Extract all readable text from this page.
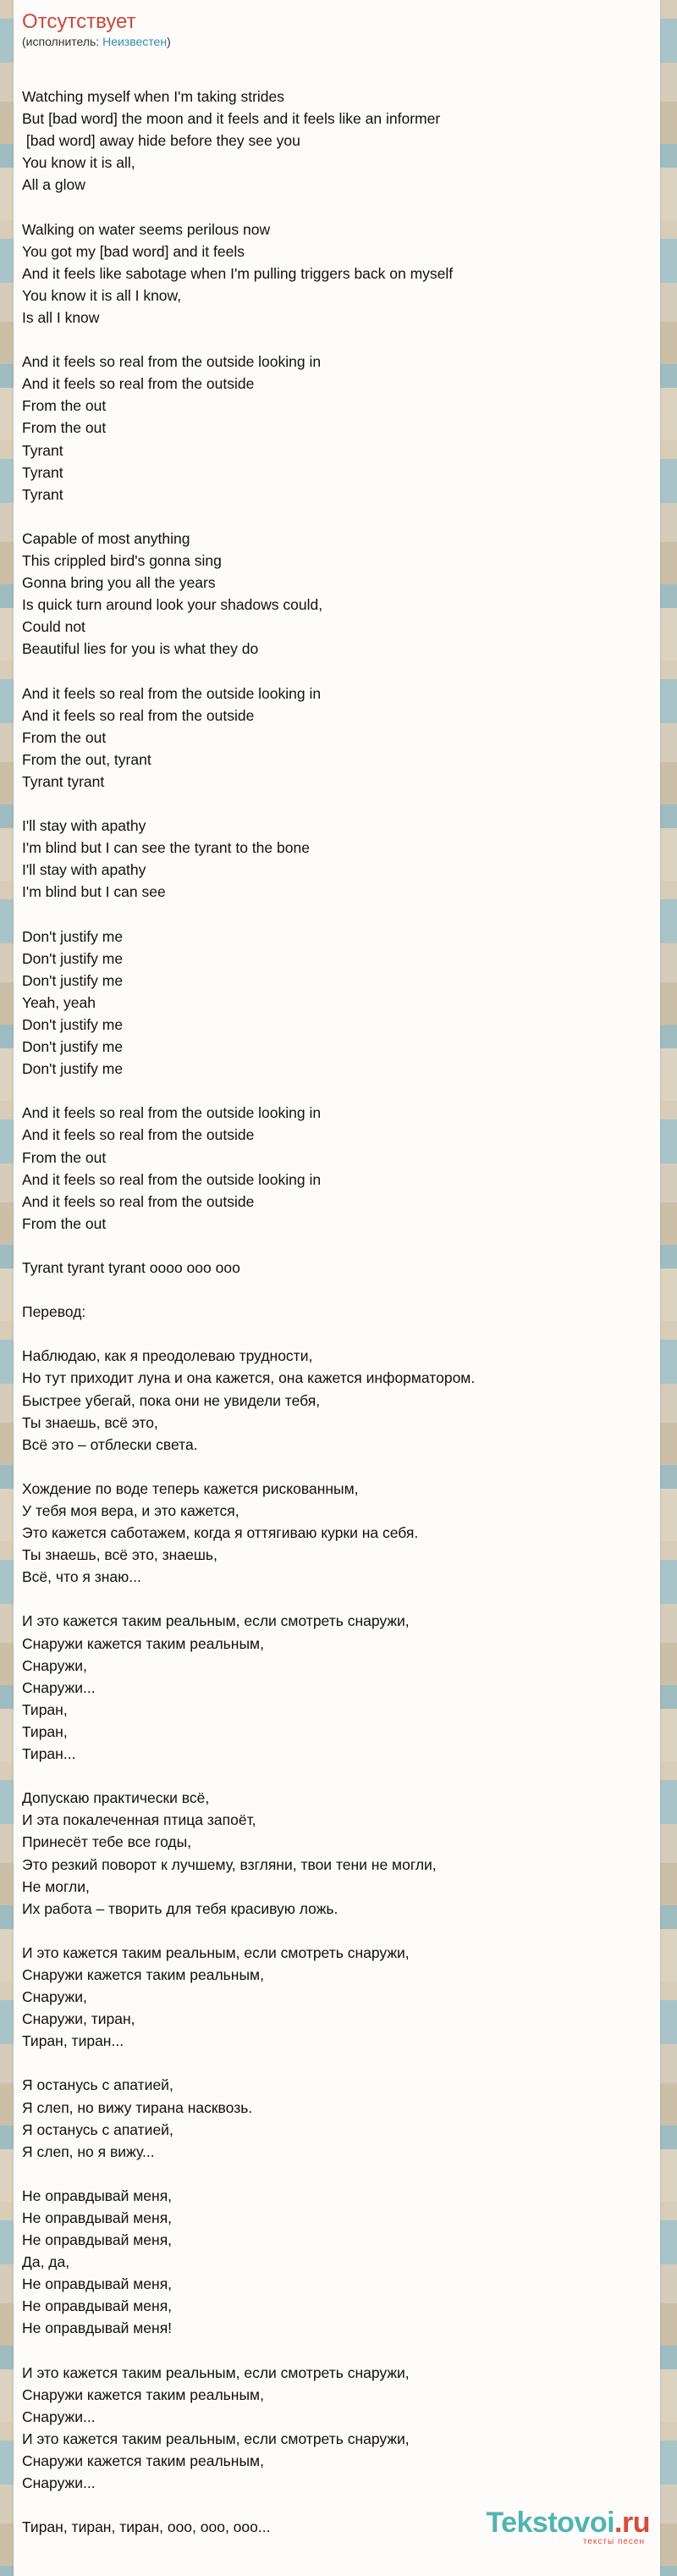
Отсутствует
(исполнитель: Неизвестен)
Watching myself when I'm taking strides
But [bad word] the moon and it feels and it feels like an informer
[bad word] away hide before they see you
You know it is all,
All a glow
Walking on water seems perilous now
You got my [bad word] and it feels
And it feels like sabotage when I'm pulling triggers back on myself
You know it is all I know,
Is all I know
And it feels so real from the outside looking in
And it feels so real from the outside
From the out
From the out
Tyrant
Tyrant
Tyrant
Capable of most anything
This crippled bird's gonna sing
Gonna bring you all the years
Is quick turn around look your shadows could,
Could not
Beautiful lies for you is what they do
And it feels so real from the outside looking in
And it feels so real from the outside
From the out
From the out, tyrant
Tyrant tyrant
I'll stay with apathy
I'm blind but I can see the tyrant to the bone
I'll stay with apathy
I'm blind but I can see
Don't justify me
Don't justify me
Don't justify me
Yeah, yeah
Don't justify me
Don't justify me
Don't justify me
And it feels so real from the outside looking in
And it feels so real from the outside
From the out
And it feels so real from the outside looking in
And it feels so real from the outside
From the out
Tyrant tyrant tyrant oooo ooo ooo
Перевод:
Наблюдаю, как я преодолеваю трудности,
Но тут приходит луна и она кажется, она кажется информатором.
Быстрее убегай, пока они не увидели тебя,
Ты знаешь, всё это,
Всё это – отблески света.
Хождение по воде теперь кажется рискованным,
У тебя моя вера, и это кажется,
Это кажется саботажем, когда я оттягиваю курки на себя.
Ты знаешь, всё это, знаешь,
Всё, что я знаю...
И это кажется таким реальным, если смотреть снаружи,
Снаружи кажется таким реальным,
Снаружи,
Снаружи...
Тиран,
Тиран,
Тиран...
Допускаю практически всё,
И эта покалеченная птица запоёт,
Принесёт тебе все годы,
Это резкий поворот к лучшему, взгляни, твои тени не могли,
Не могли,
Их работа – творить для тебя красивую ложь.
И это кажется таким реальным, если смотреть снаружи,
Снаружи кажется таким реальным,
Снаружи,
Снаружи, тиран,
Тиран, тиран...
Я останусь с апатией,
Я слеп, но вижу тирана насквозь.
Я останусь с апатией,
Я слеп, но я вижу...
Не оправдывай меня,
Не оправдывай меня,
Не оправдывай меня,
Да, да,
Не оправдывай меня,
Не оправдывай меня,
Не оправдывай меня!
И это кажется таким реальным, если смотреть снаружи,
Снаружи кажется таким реальным,
Снаружи...
И это кажется таким реальным, если смотреть снаружи,
Снаружи кажется таким реальным,
Снаружи...
Тиран, тиран, тиран, ооо, ооо, ооо...	Tekstovoi.ru
тексты песен
